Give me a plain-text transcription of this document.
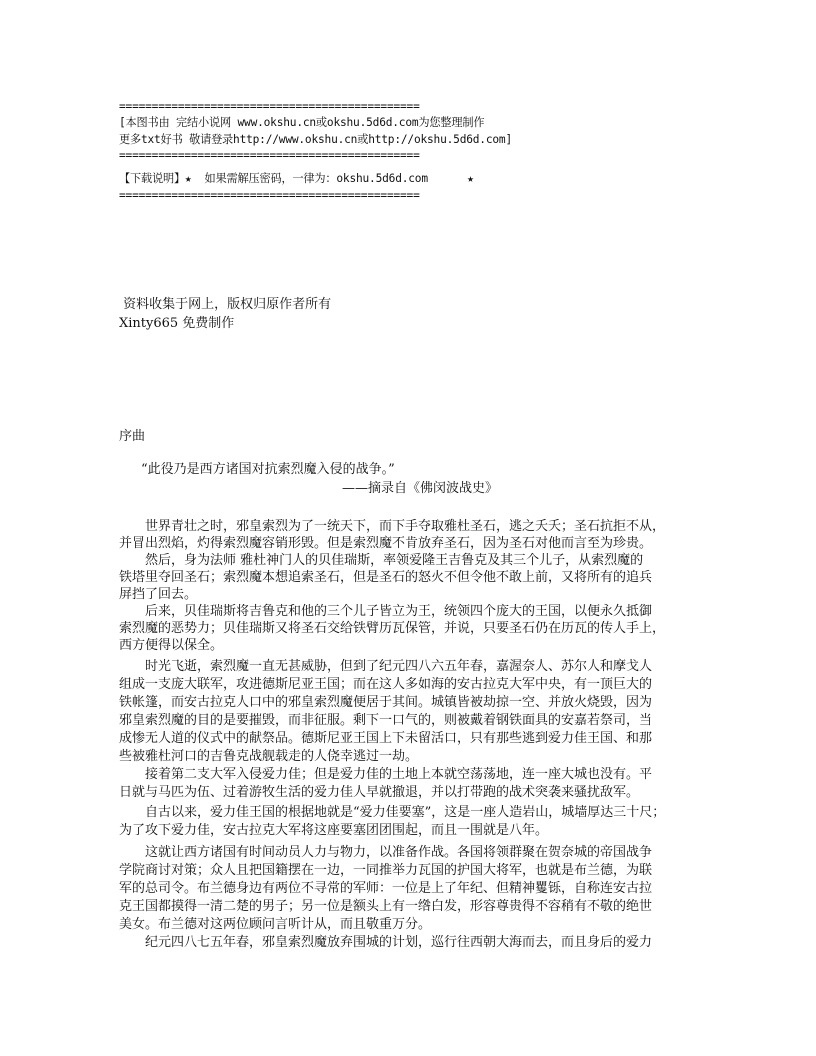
==============================================
[本图书由 完结小说网 www.okshu.cn或okshu.5d6d.com为您整理制作
更多txt好书 敬请登录http://www.okshu.cn或http://okshu.5d6d.com]
==============================================
【下载说明】★  如果需解压密码，一律为：okshu.5d6d.com      ★
==============================================
资料收集于网上，版权归原作者所有
Xinty665 免费制作
序曲
“此役乃是西方诸国对抗索烈魔入侵的战争。”
——摘录自《佛闵波战史》
世界青壮之时，邪皇索烈为了一统天下，而下手夺取雅杜圣石，逃之夭夭；圣石抗拒不从，
并冒出烈焰，灼得索烈魔容销形毁。但是索烈魔不肯放弃圣石，因为圣石对他而言至为珍贵。
然后，身为法师 雅杜神门人的贝佳瑞斯，率领爱隆王吉鲁克及其三个儿子，从索烈魔的
铁塔里夺回圣石；索烈魔本想追索圣石，但是圣石的怒火不但令他不敢上前，又将所有的追兵
屏挡了回去。
后来，贝佳瑞斯将吉鲁克和他的三个儿子皆立为王，统领四个庞大的王国，以便永久抵御
索烈魔的恶势力；贝佳瑞斯又将圣石交给铁臂历瓦保管，并说，只要圣石仍在历瓦的传人手上，
西方便得以保全。
时光飞逝，索烈魔一直无甚威胁，但到了纪元四八六五年春，嘉渥奈人、苏尔人和摩戈人
组成一支庞大联军，攻进德斯尼亚王国；而在这人多如海的安古拉克大军中央，有一顶巨大的
铁帐篷，而安古拉克人口中的邪皇索烈魔便居于其间。城镇皆被劫掠一空、并放火烧毁，因为
邪皇索烈魔的目的是要摧毁，而非征服。剩下一口气的，则被戴着钢铁面具的安嘉若祭司，当
成惨无人道的仪式中的献祭品。德斯尼亚王国上下未留活口，只有那些逃到爱力佳王国、和那
些被雅杜河口的吉鲁克战舰载走的人侥幸逃过一劫。
接着第二支大军入侵爱力佳；但是爱力佳的土地上本就空荡荡地，连一座大城也没有。平
日就与马匹为伍、过着游牧生活的爱力佳人早就撤退，并以打带跑的战术突袭来骚扰敌军。
自古以来，爱力佳王国的根据地就是“爱力佳要塞”，这是一座人造岩山，城墙厚达三十尺；
为了攻下爱力佳，安古拉克大军将这座要塞团团围起，而且一围就是八年。
这就让西方诸国有时间动员人力与物力，以准备作战。各国将领群聚在贺奈城的帝国战争
学院商讨对策；众人且把国籍摆在一边，一同推举力瓦国的护国大将军，也就是布兰德，为联
军的总司令。布兰德身边有两位不寻常的军师：一位是上了年纪、但精神矍铄，自称连安古拉
克王国都摸得一清二楚的男子；另一位是额头上有一绺白发，形容尊贵得不容稍有不敬的绝世
美女。布兰德对这两位顾问言听计从，而且敬重万分。
纪元四八七五年春，邪皇索烈魔放弃围城的计划，巡行往西朝大海而去，而且身后的爱力
